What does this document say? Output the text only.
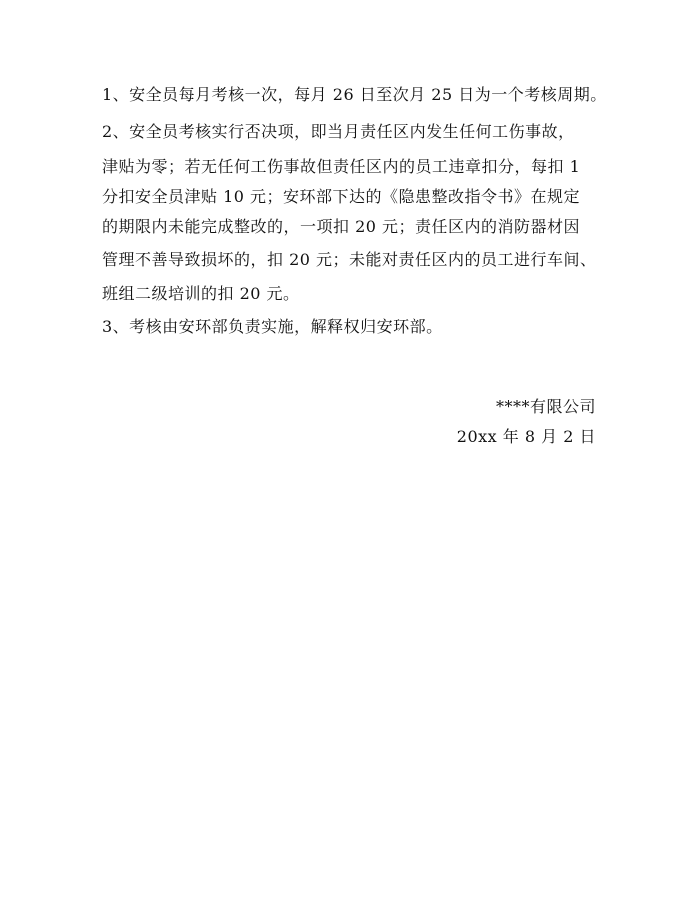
1、安全员每月考核一次，每月 26 日至次月 25 日为一个考核周期。
2、安全员考核实行否决项，即当月责任区内发生任何工伤事故，
津贴为零；若无任何工伤事故但责任区内的员工违章扣分，每扣 1
分扣安全员津贴 10 元；安环部下达的《隐患整改指令书》在规定
的期限内未能完成整改的，一项扣 20 元；责任区内的消防器材因
管理不善导致损坏的，扣 20 元；未能对责任区内的员工进行车间、
班组二级培训的扣 20 元。
3、考核由安环部负责实施，解释权归安环部。
****有限公司
20xx 年 8 月 2 日
